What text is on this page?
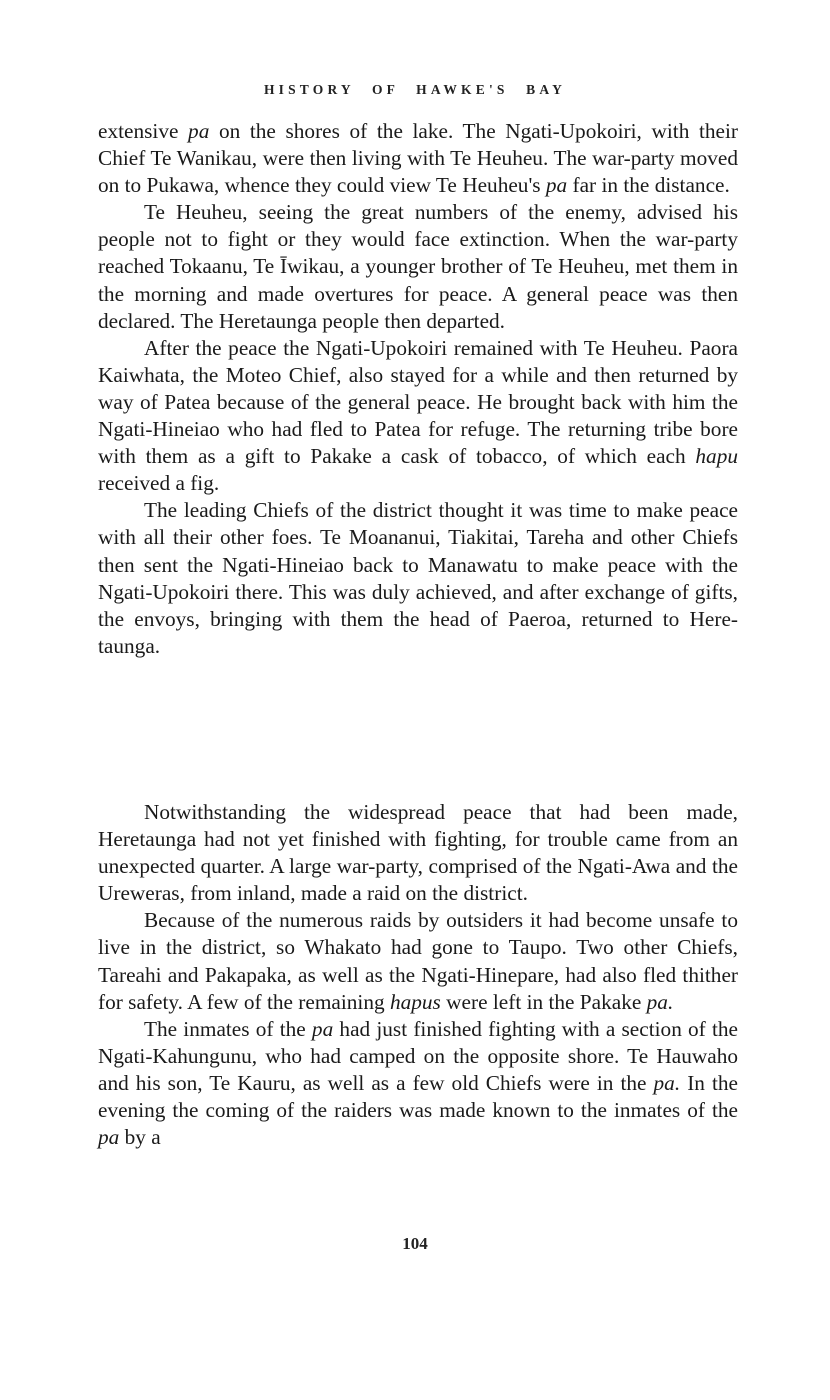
HISTORY OF HAWKE'S BAY

extensive pa on the shores of the lake. The Ngati-Upokoiri, with their Chief Te Wanikau, were then living with Te Heuheu. The war-party moved on to Pukawa, whence they could view Te Heuheu's pa far in the distance.

Te Heuheu, seeing the great numbers of the enemy, advised his people not to fight or they would face extinction. When the war-party reached Tokaanu, Te Īwikau, a younger brother of Te Heuheu, met them in the morning and made overtures for peace. A general peace was then declared. The Heretaunga people then departed.

After the peace the Ngati-Upokoiri remained with Te Heuheu. Paora Kaiwhata, the Moteo Chief, also stayed for a while and then returned by way of Patea because of the general peace. He brought back with him the Ngati-Hineiao who had fled to Patea for refuge. The returning tribe bore with them as a gift to Pakake a cask of tobacco, of which each hapu received a fig.

The leading Chiefs of the district thought it was time to make peace with all their other foes. Te Moananui, Tiakitai, Tareha and other Chiefs then sent the Ngati-Hineiao back to Manawatu to make peace with the Ngati-Upokoiri there. This was duly achieved, and after exchange of gifts, the envoys, bringing with them the head of Paeroa, returned to Heretaunga.

Notwithstanding the widespread peace that had been made, Heretaunga had not yet finished with fighting, for trouble came from an unexpected quarter. A large war-party, comprised of the Ngati-Awa and the Ureweras, from inland, made a raid on the district.

Because of the numerous raids by outsiders it had become unsafe to live in the district, so Whakato had gone to Taupo. Two other Chiefs, Tareahi and Pakapaka, as well as the Ngati-Hinepare, had also fled thither for safety. A few of the remaining hapus were left in the Pakake pa.

The inmates of the pa had just finished fighting with a section of the Ngati-Kahungunu, who had camped on the opposite shore. Te Hauwaho and his son, Te Kauru, as well as a few old Chiefs were in the pa. In the evening the coming of the raiders was made known to the inmates of the pa by a

104
